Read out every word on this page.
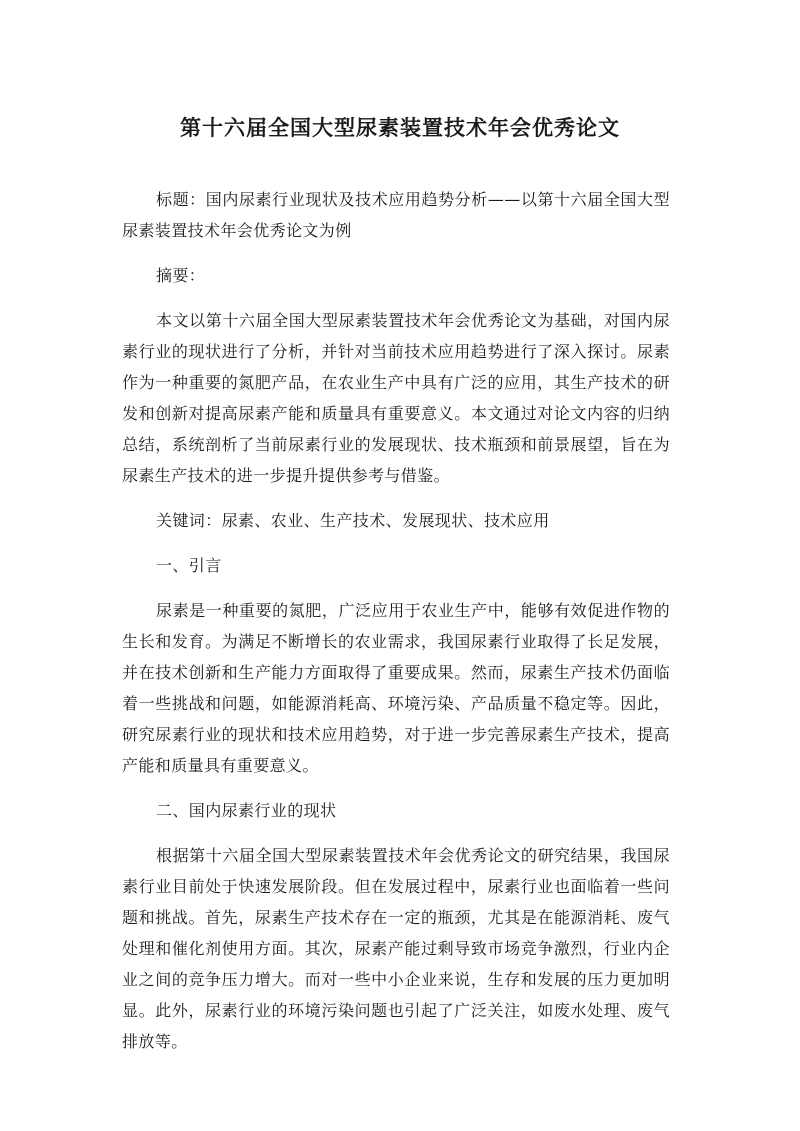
第十六届全国大型尿素装置技术年会优秀论文

标题：国内尿素行业现状及技术应用趋势分析——以第十六届全国大型尿素装置技术年会优秀论文为例

摘要：

本文以第十六届全国大型尿素装置技术年会优秀论文为基础，对国内尿素行业的现状进行了分析，并针对当前技术应用趋势进行了深入探讨。尿素作为一种重要的氮肥产品，在农业生产中具有广泛的应用，其生产技术的研发和创新对提高尿素产能和质量具有重要意义。本文通过对论文内容的归纳总结，系统剖析了当前尿素行业的发展现状、技术瓶颈和前景展望，旨在为尿素生产技术的进一步提升提供参考与借鉴。

关键词：尿素、农业、生产技术、发展现状、技术应用

一、引言

尿素是一种重要的氮肥，广泛应用于农业生产中，能够有效促进作物的生长和发育。为满足不断增长的农业需求，我国尿素行业取得了长足发展，并在技术创新和生产能力方面取得了重要成果。然而，尿素生产技术仍面临着一些挑战和问题，如能源消耗高、环境污染、产品质量不稳定等。因此，研究尿素行业的现状和技术应用趋势，对于进一步完善尿素生产技术，提高产能和质量具有重要意义。

二、国内尿素行业的现状

根据第十六届全国大型尿素装置技术年会优秀论文的研究结果，我国尿素行业目前处于快速发展阶段。但在发展过程中，尿素行业也面临着一些问题和挑战。首先，尿素生产技术存在一定的瓶颈，尤其是在能源消耗、废气处理和催化剂使用方面。其次，尿素产能过剩导致市场竞争激烈，行业内企业之间的竞争压力增大。而对一些中小企业来说，生存和发展的压力更加明显。此外，尿素行业的环境污染问题也引起了广泛关注，如废水处理、废气排放等。
